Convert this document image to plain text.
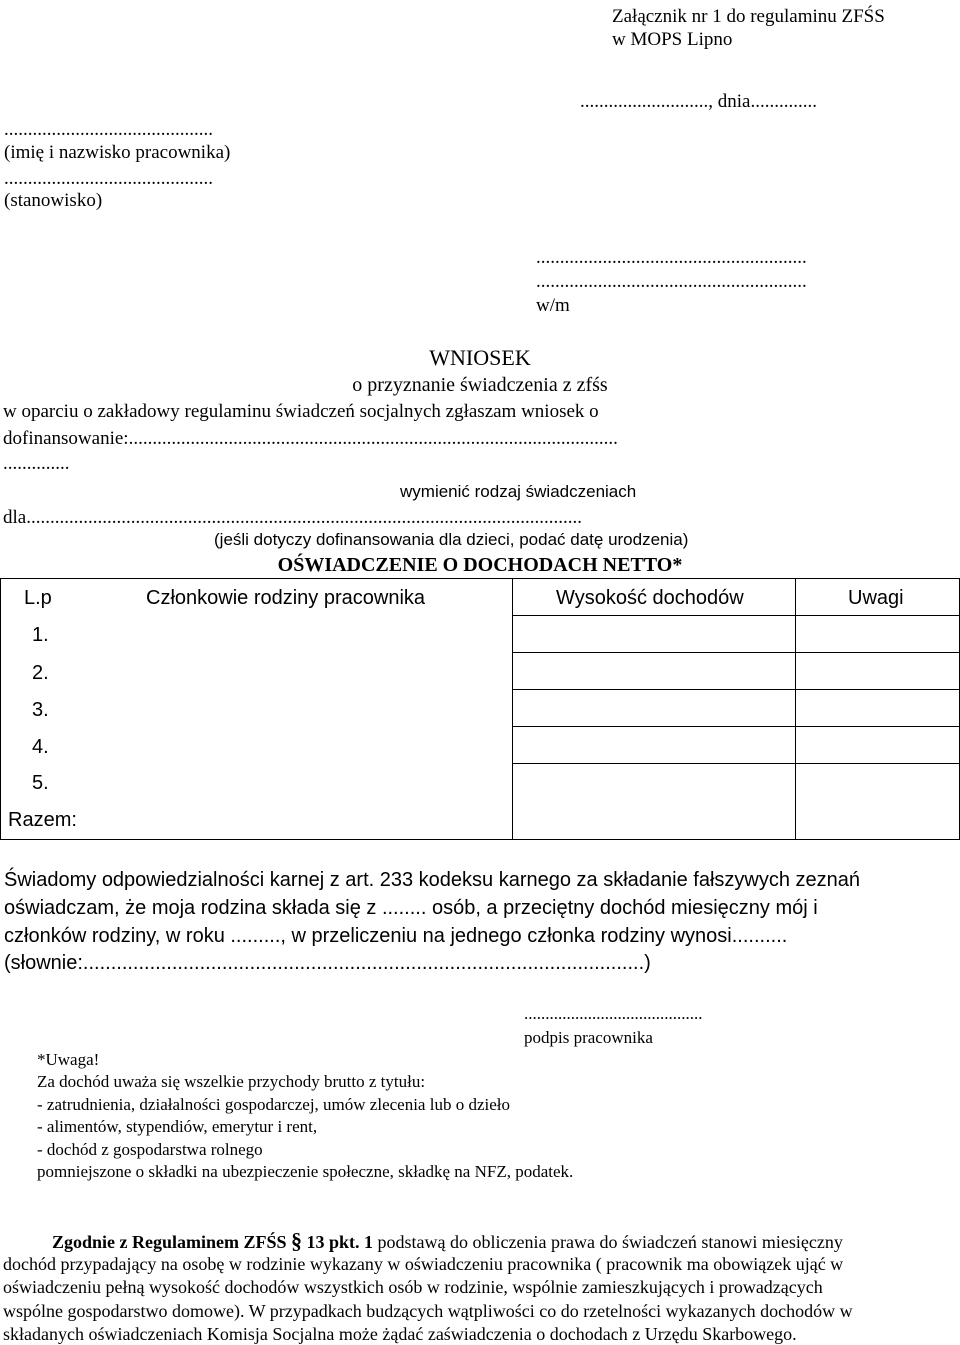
Załącznik nr 1 do regulaminu ZFŚS
w MOPS Lipno
..........................., dnia..............
............................................
(imię i nazwisko pracownika)
............................................
(stanowisko)
.........................................................
.........................................................
w/m
WNIOSEK
o przyznanie świadczenia z zfśs
w oparciu o zakładowy regulaminu świadczeń socjalnych zgłaszam wniosek o
dofinansowanie:.......................................................................................................
..............
wymienić rodzaj świadczeniach
dla.....................................................................................................................
(jeśli dotyczy dofinansowania dla dzieci, podać datę urodzenia)
OŚWIADCZENIE O DOCHODACH NETTO*
L.p	Członkowie rodziny pracownika	Wysokość dochodów	Uwagi
1.
2.
3.
4.
5.
Razem:
Świadomy odpowiedzialności karnej z art. 233 kodeksu karnego za składanie fałszywych zeznań
oświadczam, że moja rodzina składa się z ........ osób, a przeciętny dochód miesięczny mój i
członków rodziny, w roku ........., w przeliczeniu na jednego członka rodziny wynosi..........
(słownie:.....................................................................................................)
..........................................
podpis pracownika
*Uwaga!
Za dochód uważa się wszelkie przychody brutto z tytułu:
- zatrudnienia, działalności gospodarczej, umów zlecenia lub o dzieło
- alimentów, stypendiów, emerytur i rent,
- dochód z gospodarstwa rolnego
pomniejszone o składki na ubezpieczenie społeczne, składkę na NFZ, podatek.
Zgodnie z Regulaminem ZFŚS § 13 pkt. 1 podstawą do obliczenia prawa do świadczeń stanowi miesięczny
dochód przypadający na osobę w rodzinie wykazany w oświadczeniu pracownika ( pracownik ma obowiązek ująć w
oświadczeniu pełną wysokość dochodów wszystkich osób w rodzinie, wspólnie zamieszkujących i prowadzących
wspólne gospodarstwo domowe). W przypadkach budzących wątpliwości co do rzetelności wykazanych dochodów w
składanych oświadczeniach Komisja Socjalna może żądać zaświadczenia o dochodach z Urzędu Skarbowego.
